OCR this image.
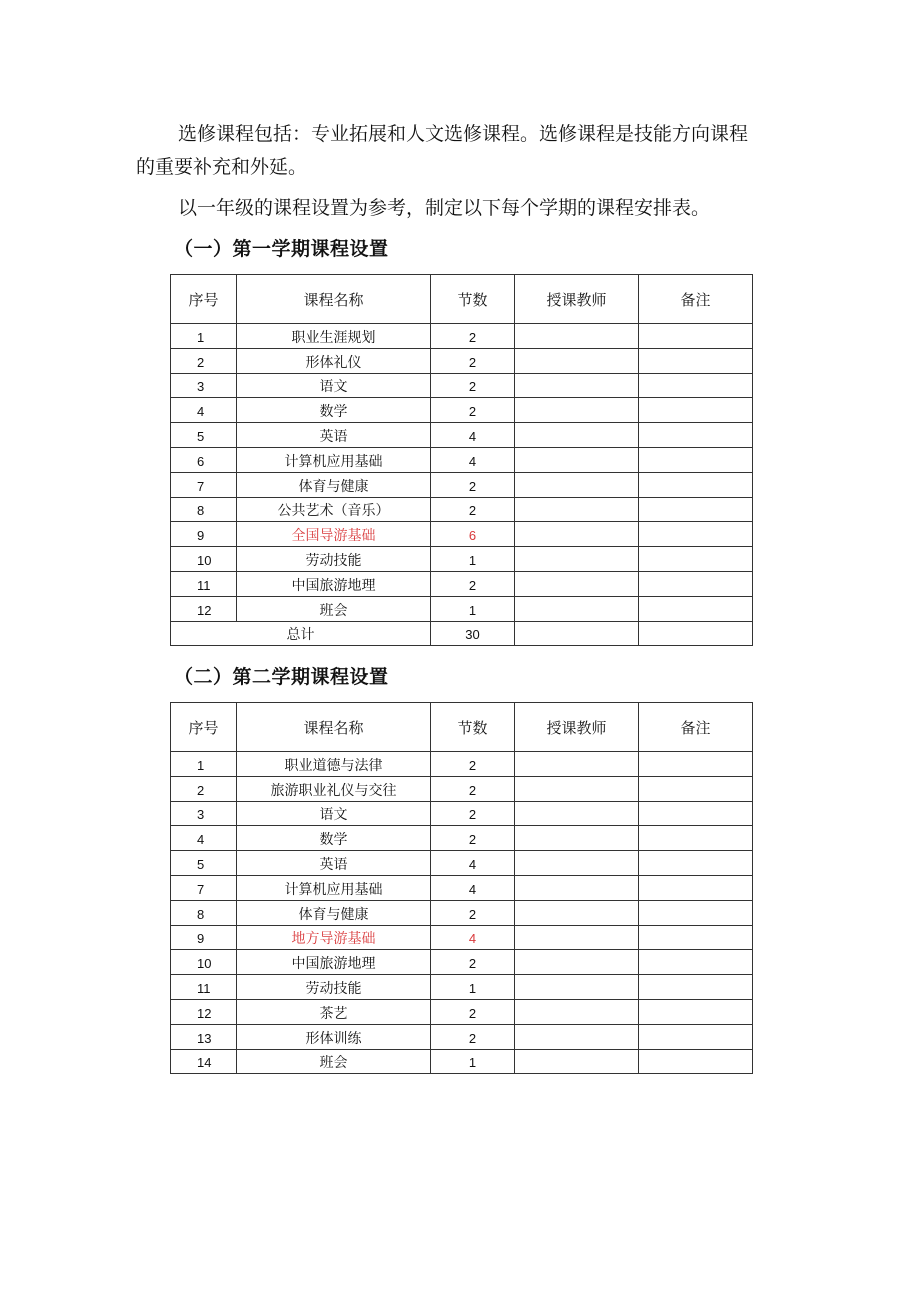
选修课程包括：专业拓展和人文选修课程。选修课程是技能方向课程
的重要补充和外延。

以一年级的课程设置为参考，制定以下每个学期的课程安排表。

（一）第一学期课程设置
序号	课程名称	节数	授课教师	备注
1	职业生涯规划	2		
2	形体礼仪	2		
3	语文	2		
4	数学	2		
5	英语	4		
6	计算机应用基础	4		
7	体育与健康	2		
8	公共艺术（音乐）	2		
9	全国导游基础	6		
10	劳动技能	1		
11	中国旅游地理	2		
12	班会	1		
总计		30		
（二）第二学期课程设置
序号	课程名称	节数	授课教师	备注
1	职业道德与法律	2		
2	旅游职业礼仪与交往	2		
3	语文	2		
4	数学	2		
5	英语	4		
7	计算机应用基础	4		
8	体育与健康	2		
9	地方导游基础	4		
10	中国旅游地理	2		
11	劳动技能	1		
12	茶艺	2		
13	形体训练	2		
14	班会	1		
